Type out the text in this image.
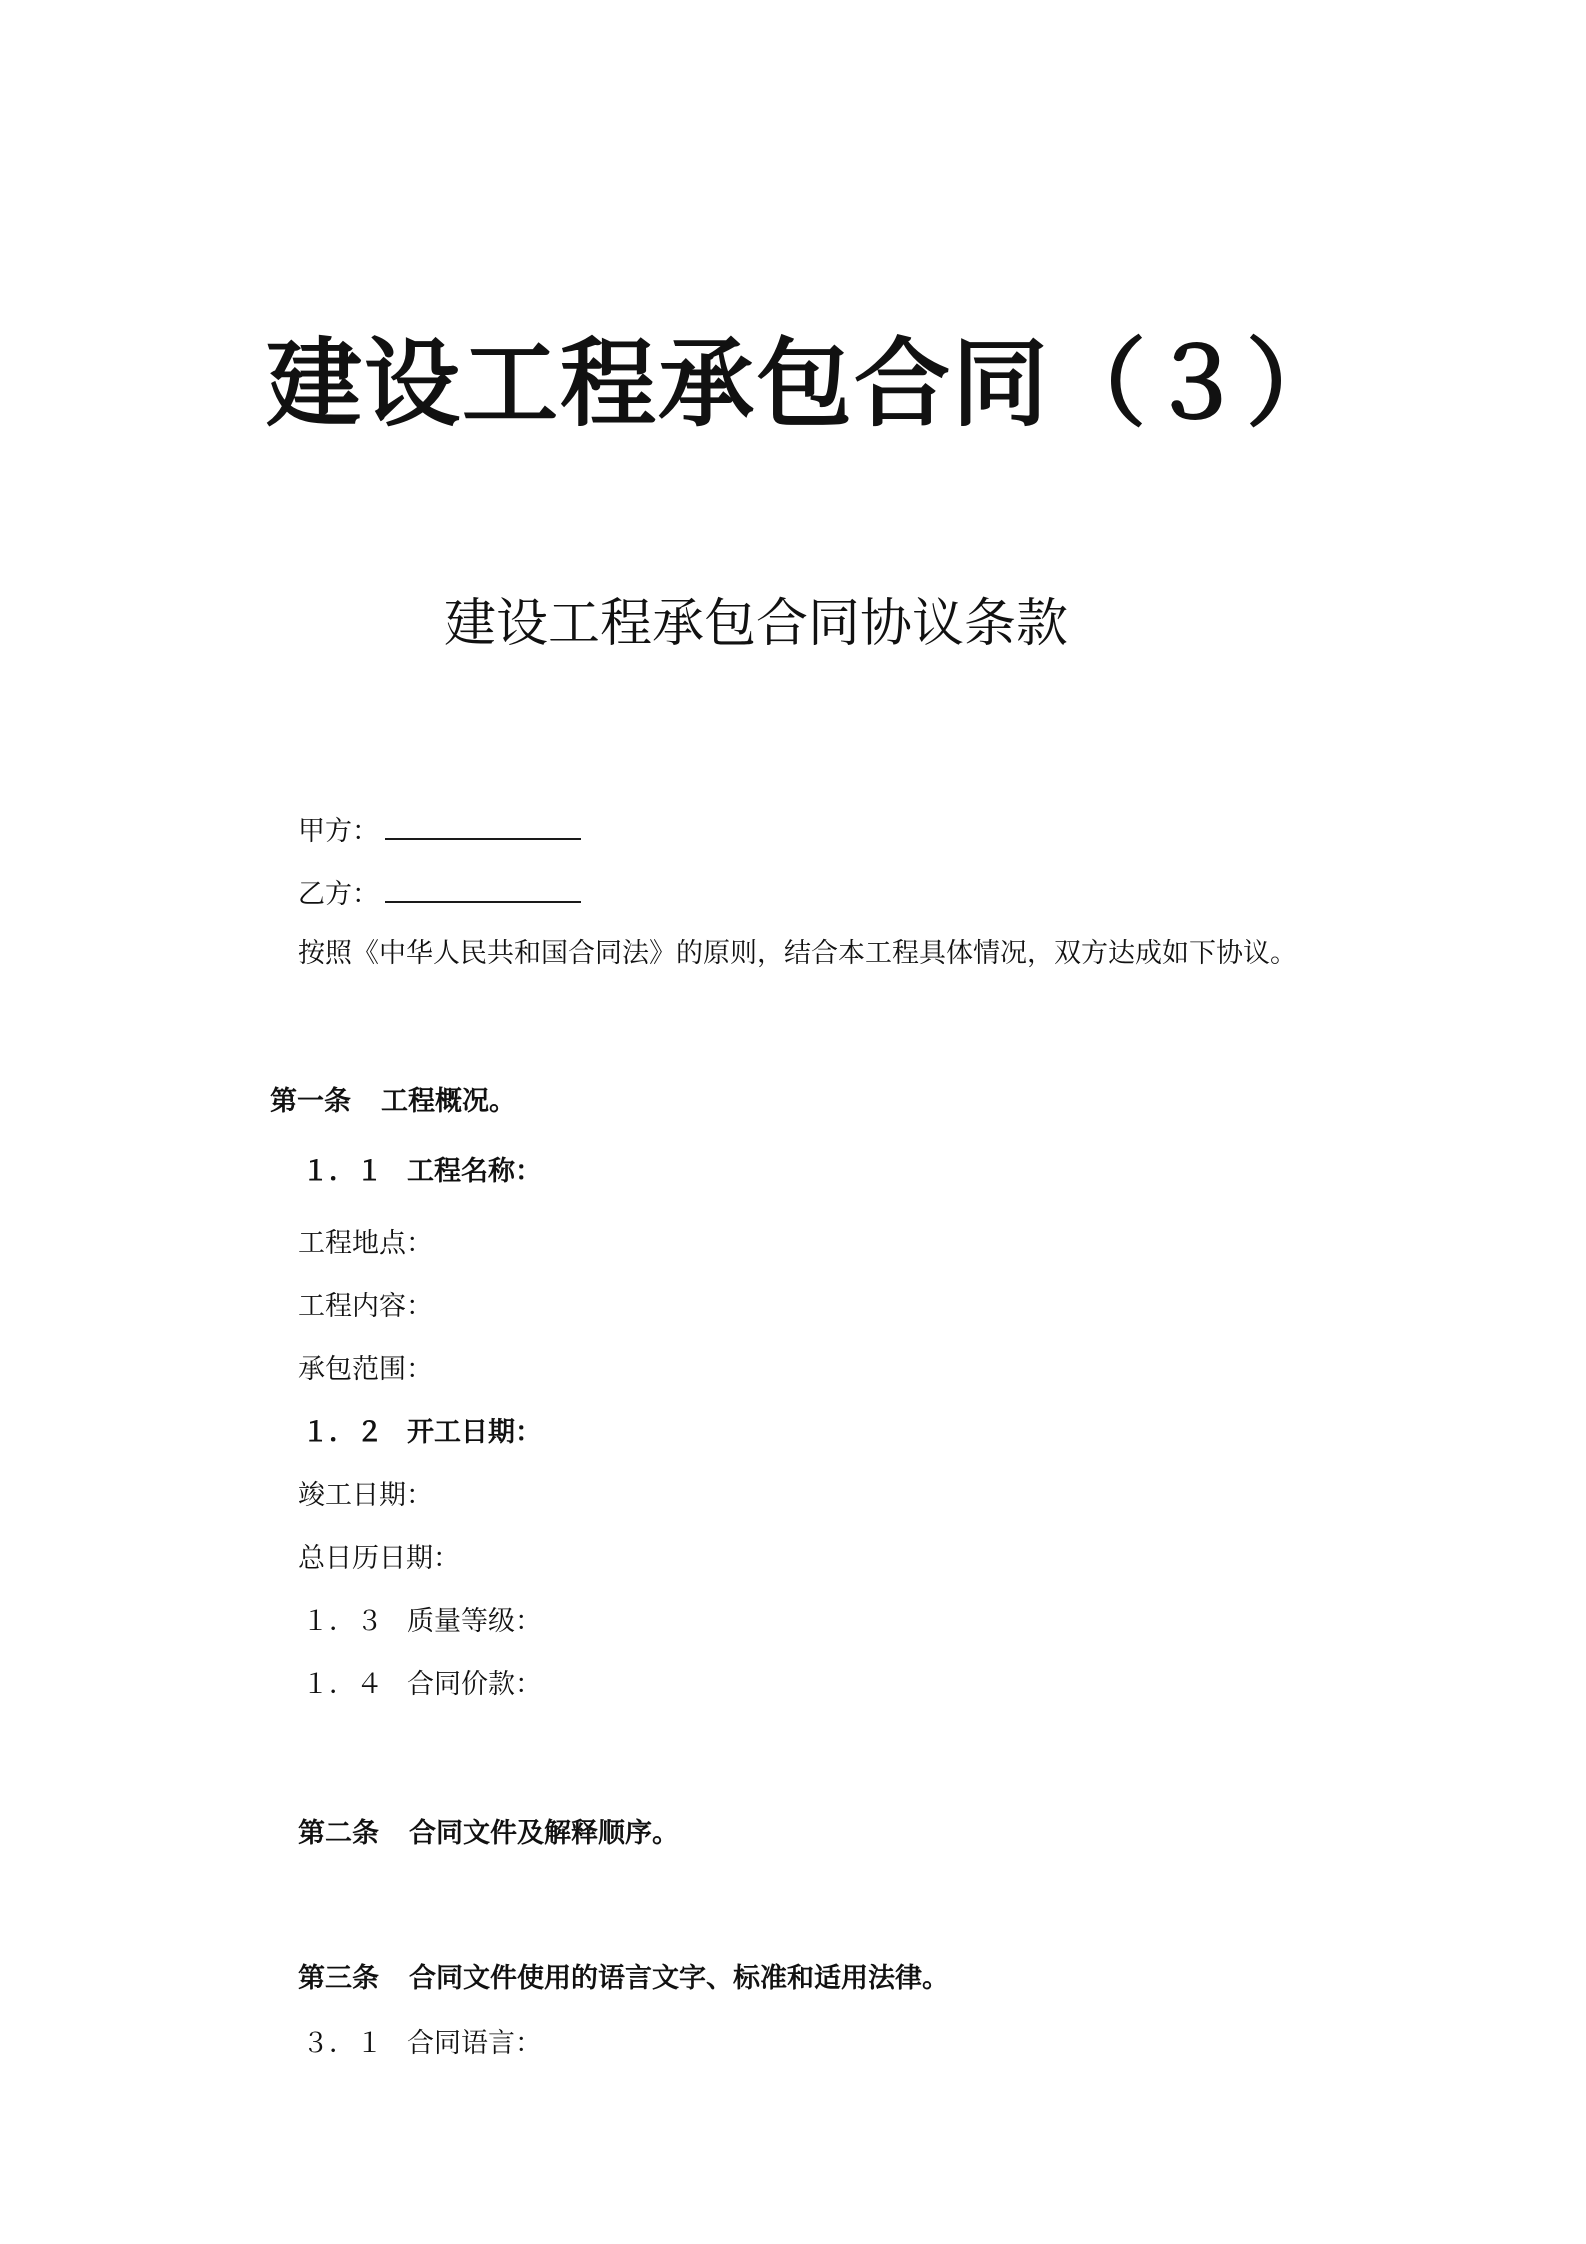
建设工程承包合同（３）
建设工程承包合同协议条款
甲方：
乙方：
按照《中华人民共和国合同法》的原则，结合本工程具体情况，双方达成如下协议。
第一条 工程概况。
１．１ 工程名称：
工程地点：
工程内容：
承包范围：
１．２ 开工日期：
竣工日期：
总日历日期：
１．３ 质量等级：
１．４ 合同价款：
第二条 合同文件及解释顺序。
第三条 合同文件使用的语言文字、标准和适用法律。
３．１ 合同语言：
